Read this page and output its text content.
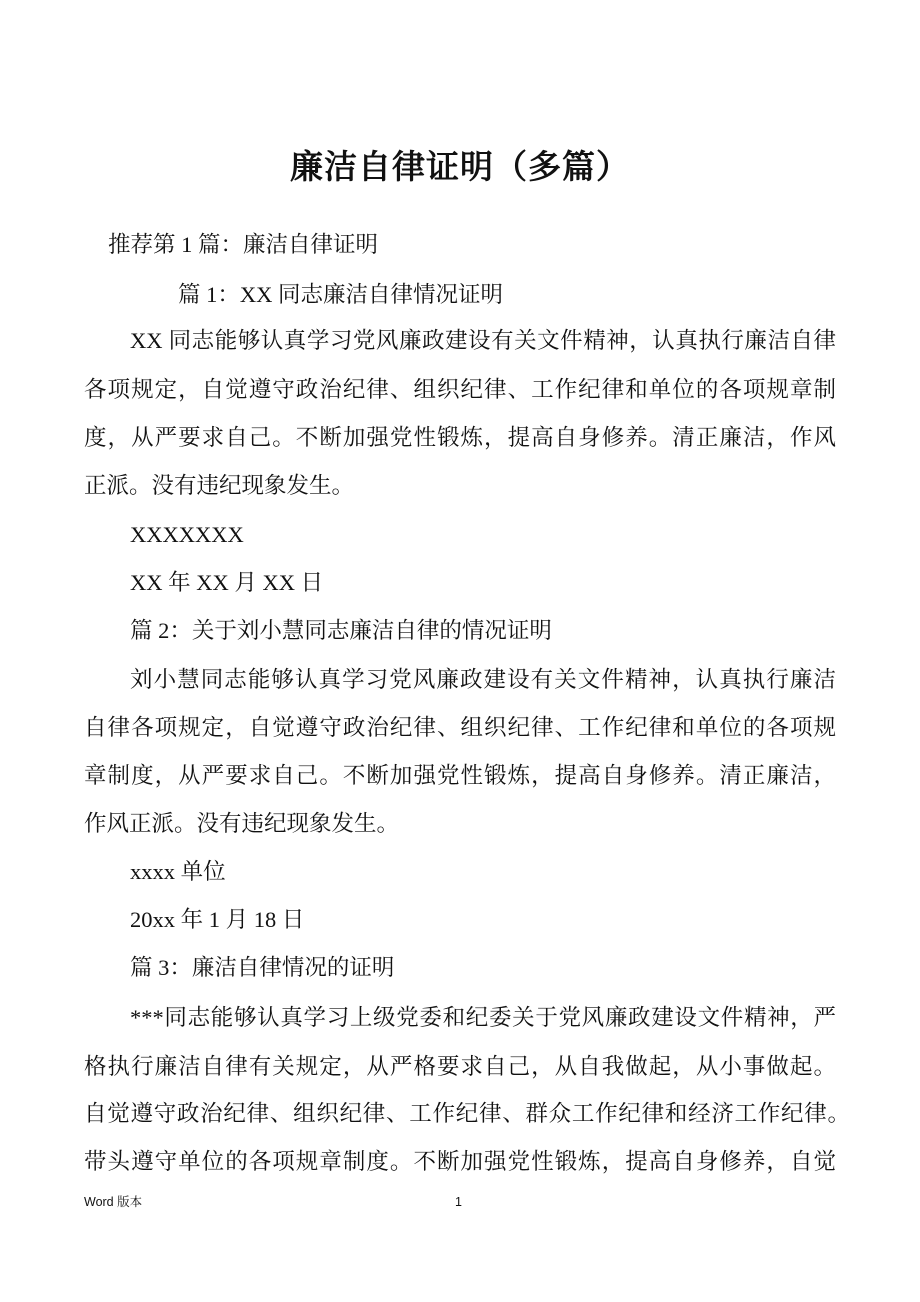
廉洁自律证明（多篇）
推荐第 1 篇：廉洁自律证明
篇 1：XX 同志廉洁自律情况证明
XX 同志能够认真学习党风廉政建设有关文件精神，认真执行廉洁自律
各项规定，自觉遵守政治纪律、组织纪律、工作纪律和单位的各项规章制
度，从严要求自己。不断加强党性锻炼，提高自身修养。清正廉洁，作风
正派。没有违纪现象发生。
XXXXXXX
XX 年 XX 月 XX 日
篇 2：关于刘小慧同志廉洁自律的情况证明
刘小慧同志能够认真学习党风廉政建设有关文件精神，认真执行廉洁
自律各项规定，自觉遵守政治纪律、组织纪律、工作纪律和单位的各项规
章制度，从严要求自己。不断加强党性锻炼，提高自身修养。清正廉洁，
作风正派。没有违纪现象发生。
xxxx 单位
20xx 年 1 月 18 日
篇 3：廉洁自律情况的证明
***同志能够认真学习上级党委和纪委关于党风廉政建设文件精神，严
格执行廉洁自律有关规定，从严格要求自己，从自我做起，从小事做起。
自觉遵守政治纪律、组织纪律、工作纪律、群众工作纪律和经济工作纪律。
带头遵守单位的各项规章制度。不断加强党性锻炼，提高自身修养，自觉
Word 版本	1
